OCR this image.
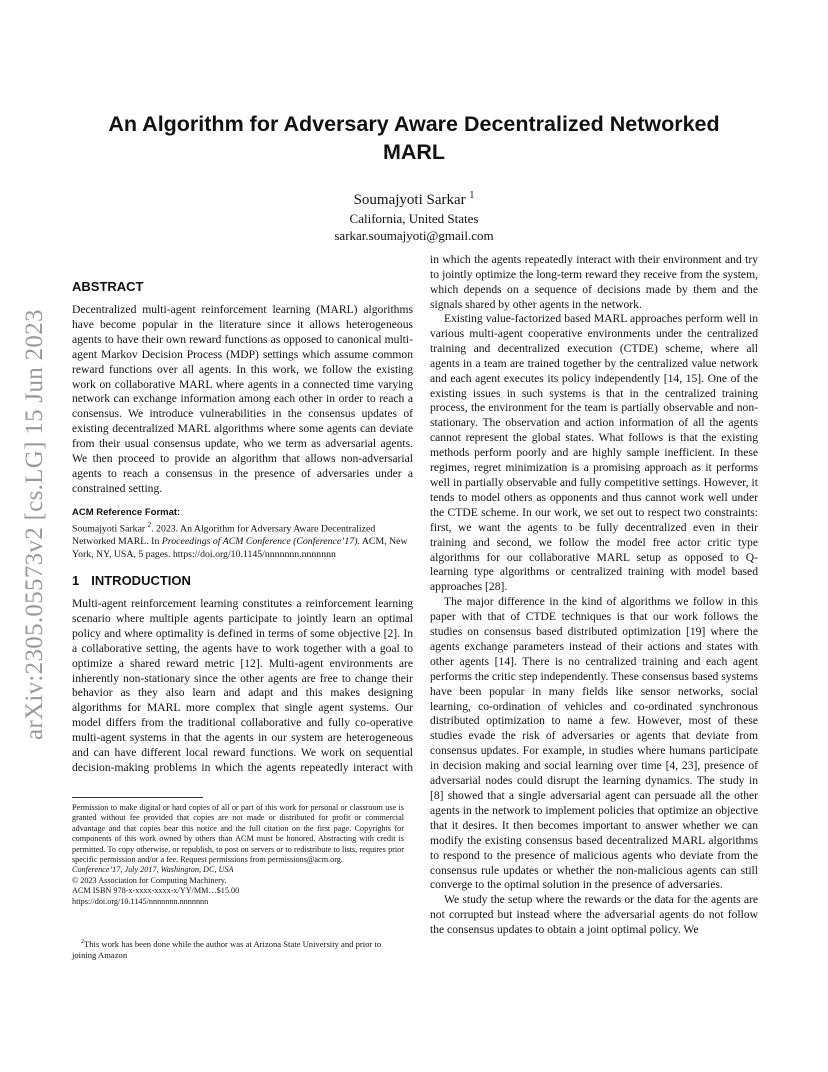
An Algorithm for Adversary Aware Decentralized Networked
MARL
Soumajyoti Sarkar $^1$
California, United States
sarkar.soumajyoti@gmail.com
arXiv:2305.05573v2 [cs.LG] 15 Jun 2023
ABSTRACT

Decentralized multi-agent reinforcement learning (MARL) algorithms have become popular in the literature since it allows heterogeneous agents to have their own reward functions as opposed to canonical multi-agent Markov Decision Process (MDP) settings which assume common reward functions over all agents. In this work, we follow the existing work on collaborative MARL where agents in a connected time varying network can exchange information among each other in order to reach a consensus. We introduce vulnerabilities in the consensus updates of existing decentralized MARL algorithms where some agents can deviate from their usual consensus update, who we term as adversarial agents. We then proceed to provide an algorithm that allows non-adversarial agents to reach a consensus in the presence of adversaries under a constrained setting.

ACM Reference Format:

Soumajyoti Sarkar $^2$. 2023. An Algorithm for Adversary Aware Decentralized Networked MARL. In Proceedings of ACM Conference (Conference’17). ACM, New York, NY, USA, 5 pages. https://doi.org/10.1145/nnnnnnn.nnnnnnn

1 INTRODUCTION

Multi-agent reinforcement learning constitutes a reinforcement learning scenario where multiple agents participate to jointly learn an optimal policy and where optimality is defined in terms of some objective [2]. In a collaborative setting, the agents have to work together with a goal to optimize a shared reward metric [12]. Multi-agent environments are inherently non-stationary since the other agents are free to change their behavior as they also learn and adapt and this makes designing algorithms for MARL more complex that single agent systems. Our model differs from the traditional collaborative and fully co-operative multi-agent systems in that the agents in our system are heterogeneous and can have different local reward functions. We work on sequential decision-making problems in which the agents repeatedly interact with

in which the agents repeatedly interact with their environment and try to jointly optimize the long-term reward they receive from the system, which depends on a sequence of decisions made by them and the signals shared by other agents in the network.

Existing value-factorized based MARL approaches perform well in various multi-agent cooperative environments under the centralized training and decentralized execution (CTDE) scheme, where all agents in a team are trained together by the centralized value network and each agent executes its policy independently [14, 15]. One of the existing issues in such systems is that in the centralized training process, the environment for the team is partially observable and non-stationary. The observation and action information of all the agents cannot represent the global states. What follows is that the existing methods perform poorly and are highly sample inefficient. In these regimes, regret minimization is a promising approach as it performs well in partially observable and fully competitive settings. However, it tends to model others as opponents and thus cannot work well under the CTDE scheme. In our work, we set out to respect two constraints: first, we want the agents to be fully decentralized even in their training and second, we follow the model free actor critic type algorithms for our collaborative MARL setup as opposed to Q-learning type algorithms or centralized training with model based approaches [28].

The major difference in the kind of algorithms we follow in this paper with that of CTDE techniques is that our work follows the studies on consensus based distributed optimization [19] where the agents exchange parameters instead of their actions and states with other agents [14]. There is no centralized training and each agent performs the critic step independently. These consensus based systems have been popular in many fields like sensor networks, social learning, co-ordination of vehicles and co-ordinated synchronous distributed optimization to name a few. However, most of these studies evade the risk of adversaries or agents that deviate from consensus updates. For example, in studies where humans participate in decision making and social learning over time [4, 23], presence of adversarial nodes could disrupt the learning dynamics. The study in [8] showed that a single adversarial agent can persuade all the other agents in the network to implement policies that optimize an objective that it desires. It then becomes important to answer whether we can modify the existing consensus based decentralized MARL algorithms to respond to the presence of malicious agents who deviate from the consensus rule updates or whether the non-malicious agents can still converge to the optimal solution in the presence of adversaries.

We study the setup where the rewards or the data for the agents are not corrupted but instead where the adversarial agents do not follow the consensus updates to obtain a joint optimal policy. We

Permission to make digital or hard copies of all or part of this work for personal or classroom use is granted without fee provided that copies are not made or distributed for profit or commercial advantage and that copies bear this notice and the full citation on the first page. Copyrights for components of this work owned by others than ACM must be honored. Abstracting with credit is permitted. To copy otherwise, or republish, to post on servers or to redistribute to lists, requires prior specific permission and/or a fee. Request permissions from permissions@acm.org.

Conference’17, July 2017, Washington, DC, USA

© 2023 Association for Computing Machinery.

ACM ISBN 978-x-xxxx-xxxx-x/YY/MM…$15.00

https://doi.org/10.1145/nnnnnnn.nnnnnnn

$^2$This work has been done while the author was at Arizona State University and prior to joining Amazon
